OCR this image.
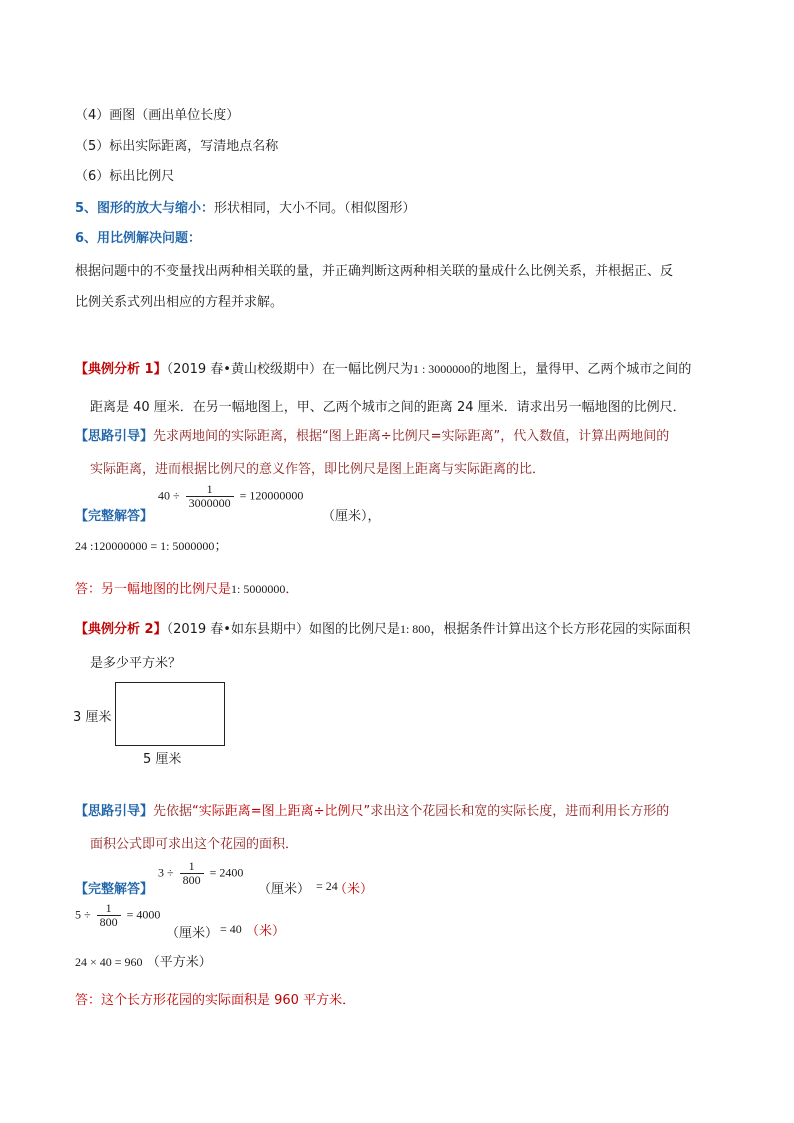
（4）画图（画出单位长度）
（5）标出实际距离，写清地点名称
（6）标出比例尺
5、图形的放大与缩小：形状相同，大小不同。（相似图形）
6、用比例解决问题：
根据问题中的不变量找出两种相关联的量，并正确判断这两种相关联的量成什么比例关系，并根据正、反
比例关系式列出相应的方程并求解。
【典例分析 1】（2019 春•黄山校级期中）在一幅比例尺为1 : 3000000的地图上，量得甲、乙两个城市之间的
距离是 40 厘米．在另一幅地图上，甲、乙两个城市之间的距离 24 厘米．请求出另一幅地图的比例尺．
【思路引导】先求两地间的实际距离，根据“图上距离÷比例尺=实际距离”，代入数值，计算出两地间的
实际距离，进而根据比例尺的意义作答，即比例尺是图上距离与实际距离的比．
【完整解答】
$40 \div \frac{1}{3000000} = 120000000$
（厘米），
24 :120000000 = 1: 5000000；
答：另一幅地图的比例尺是1: 5000000．
【典例分析 2】（2019 春•如东县期中）如图的比例尺是1: 800，根据条件计算出这个长方形花园的实际面积
是多少平方米？
3 厘米
5 厘米
【思路引导】先依据“实际距离=图上距离÷比例尺”求出这个花园长和宽的实际长度，进而利用长方形的
面积公式即可求出这个花园的面积．
【完整解答】
$3 \div \frac{1}{800} = 2400$
（厘米） = 24
（米）
$5 \div \frac{1}{800} = 4000$
（厘米） = 40 （米）
24 × 40 = 960 （平方米）
答：这个长方形花园的实际面积是 960 平方米．
